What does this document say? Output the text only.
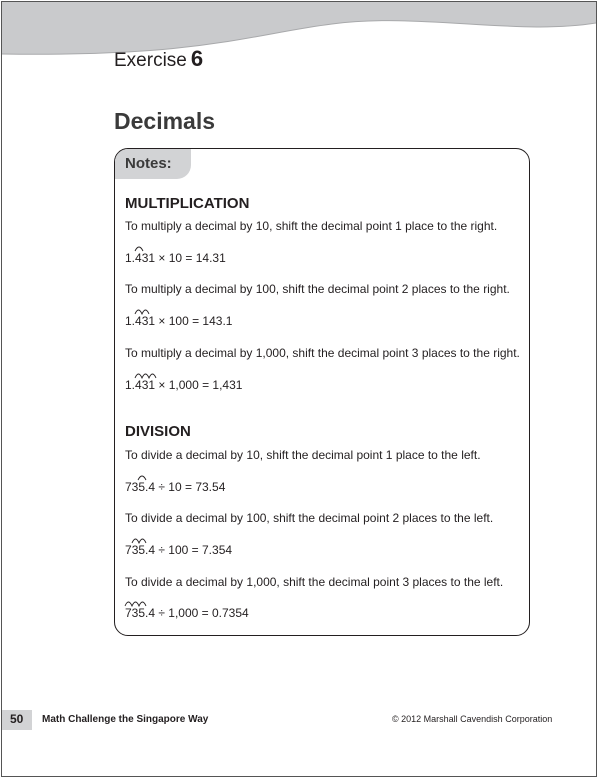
Exercise 6
Decimals
Notes:
MULTIPLICATION
To multiply a decimal by 10, shift the decimal point 1 place to the right.
1.
431 × 10 = 14.31
To multiply a decimal by 100, shift the decimal point 2 places to the right.
1.
431 × 100 = 143.1
To multiply a decimal by 1,000, shift the decimal point 3 places to the right.
1.
431 × 1,000 = 1,431
DIVISION
To divide a decimal by 10, shift the decimal point 1 place to the left.
73
5.4 ÷ 10 = 73.54
To divide a decimal by 100, shift the decimal point 2 places to the left.
7
35.4 ÷ 100 = 7.354
To divide a decimal by 1,000, shift the decimal point 3 places to the left.
735.4 ÷ 1,000 = 0.7354
50 Math Challenge the Singapore Way	© 2012 Marshall Cavendish Corporation
